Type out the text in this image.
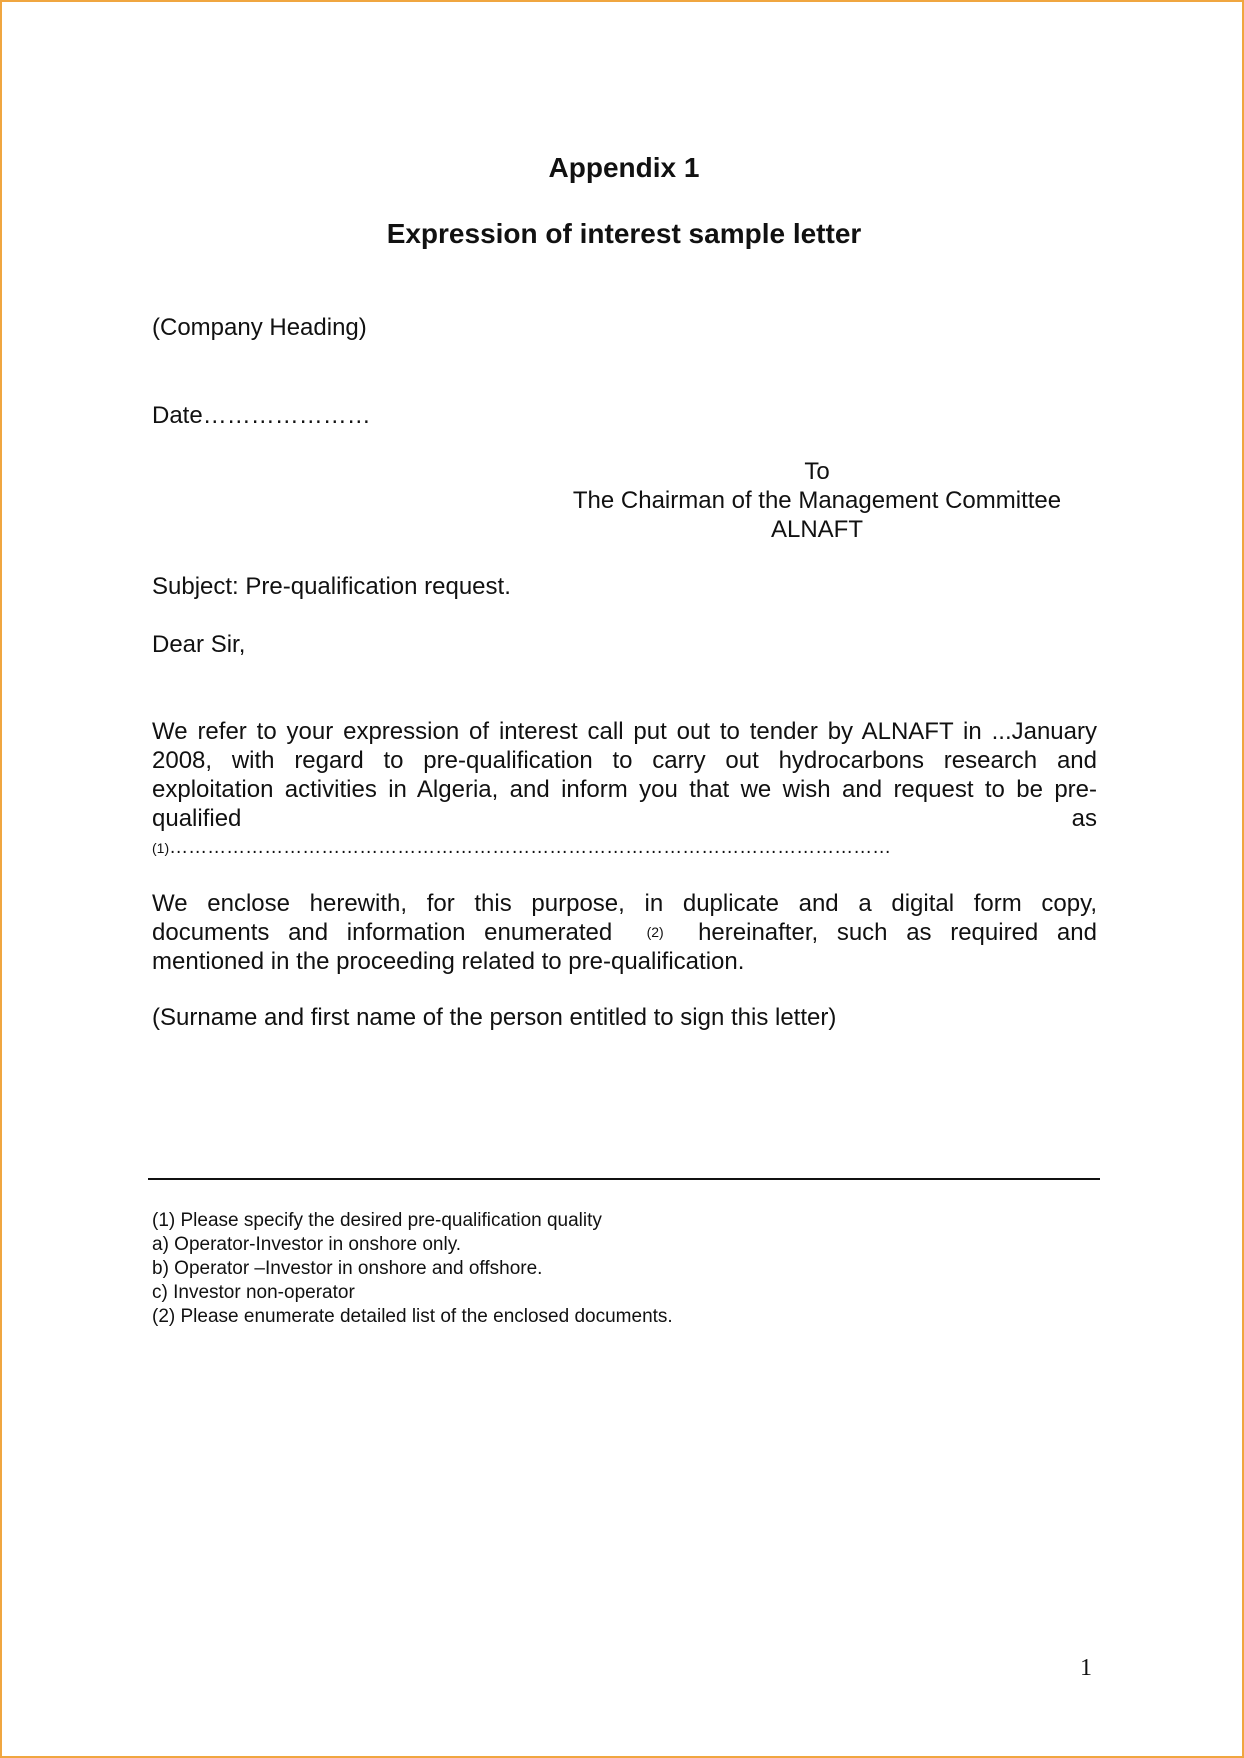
Appendix 1
Expression of interest sample letter
(Company Heading)
Date…………………
To
The Chairman of the Management Committee
ALNAFT
Subject: Pre-qualification request.
Dear Sir,
We refer to your expression of interest call put out to tender by ALNAFT in ...January
2008, with regard to pre-qualification to carry out hydrocarbons research and
exploitation activities in Algeria, and inform you that we wish and request to be pre-
qualified	as
(1)……………………………………………………………………………………………………
We enclose herewith, for this purpose, in duplicate and a digital form copy,
documents and information enumerated (2) hereinafter, such as required and
mentioned in the proceeding related to pre-qualification.
(Surname and first name of the person entitled to sign this letter)
(1) Please specify the desired pre-qualification quality
a) Operator-Investor in onshore only.
b) Operator –Investor in onshore and offshore.
c) Investor non-operator
(2) Please enumerate detailed list of the enclosed documents.
1
